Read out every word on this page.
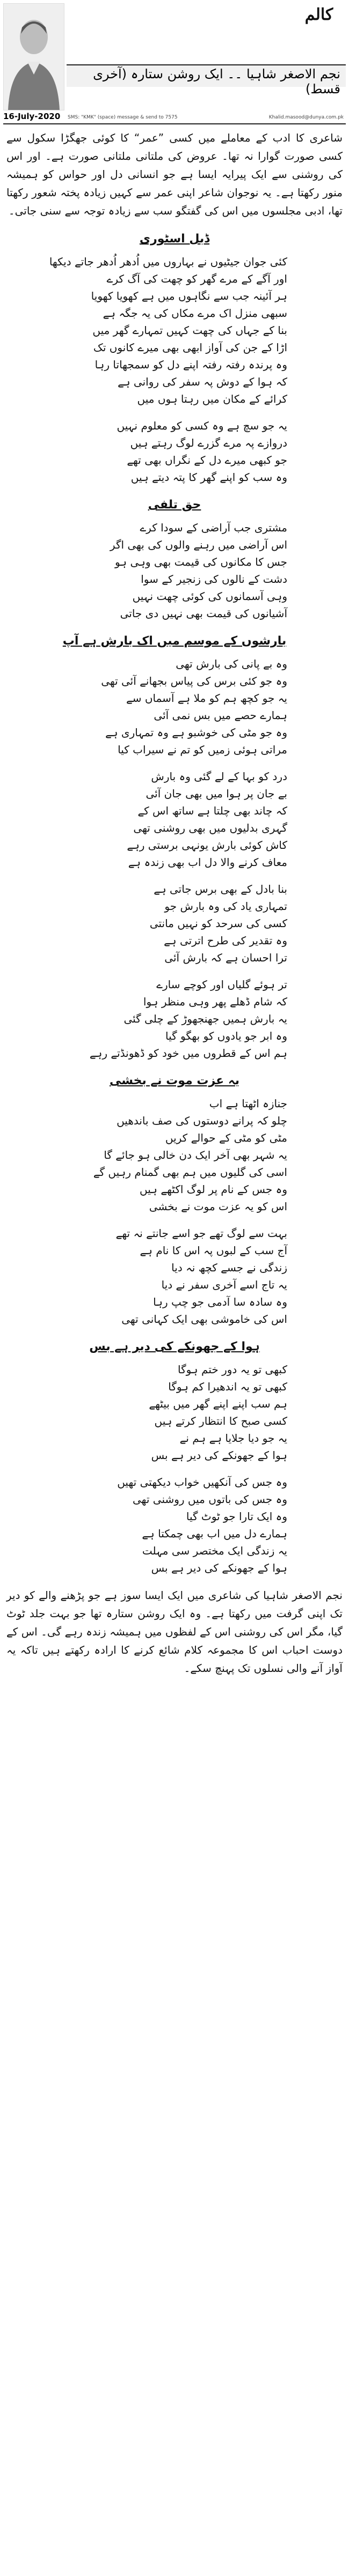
ﮐﺎﻟﻢ
نجم الاصغر شاہیا ۔۔ ایک روشن ستارہ (آخری قسط)
16-July-2020 SMS: "KMK" (space) message & send to 7575	Khalid.masood@dunya.com.pk

شاعری کا ادب کے معاملے میں کسی ”عمر“ کا کوئی جھگڑا سکول سے کسی صورت گوارا نہ تھا۔ عروض کی ملتانی ملتانی صورت ہے۔ اور اس کی روشنی سے ایک پیرایہ ایسا ہے جو انسانی دل اور حواس کو ہمیشہ منور رکھتا ہے۔ یہ نوجوان شاعر اپنی عمر سے کہیں زیادہ پختہ شعور رکھتا تھا، ادبی مجلسوں میں اس کی گفتگو سب سے زیادہ توجہ سے سنی جاتی۔

ڈبل اسٹوری
کئی جوان جیٹیوں نے بہاروں میں اُدھر اُدھر جاتے دیکھا
اور آگے کے مرے گھر کو چھت کی آگ کرے
ہر آئینہ جب سے نگاہوں میں ہے کھویا کھویا
سبھی منزل اک مرے مکاں کی یہ جگہ ہے
بنا کے جہاں کی چھت کہیں تمہارے گھر میں
اڑا کے جن کی آواز ابھی بھی میرے کانوں تک
وہ پرندہ رفتہ رفتہ اپنے دل کو سمجھاتا رہا
کہ ہوا کے دوش پہ سفر کی روانی ہے
کرائے کے مکان میں رہتا ہوں میں
یہ جو سچ ہے وہ کسی کو معلوم نہیں
دروازے پہ مرے گزرے لوگ رہتے ہیں
جو کبھی میرے دل کے نگراں بھی تھے
وہ سب کو اپنے گھر کا پتہ دیتے ہیں
حق تلفی
مشتری جب آراضی کے سودا کرے
اس آراضی میں رہنے والوں کی بھی اگر
جس کا مکانوں کی قیمت بھی وہی ہو
دشت کے نالوں کی زنجیر کے سوا
وہی آسمانوں کی کوئی چھت نہیں
آشیانوں کی قیمت بھی نہیں دی جاتی
بارشوں کے موسم میں اک بارش ہے آپ
وہ بے پانی کی بارش تھی
وہ جو کئی برس کی پیاس بجھانے آئی تھی
یہ جو کچھ ہم کو ملا ہے آسماں سے
ہمارے حصے میں بس نمی آئی
وہ جو مٹی کی خوشبو ہے وہ تمہاری ہے
مراتی ہوئی زمیں کو تم نے سیراب کیا
درد کو بہا کے لے گئی وہ بارش
بے جان پر ہوا میں بھی جان آئی
کہ چاند بھی چلتا ہے ساتھ اس کے
گہری بدلیوں میں بھی روشنی تھی
کاش کوئی بارش یونہی برستی رہے
معاف کرنے والا دل اب بھی زندہ ہے
بنا بادل کے بھی برس جاتی ہے
تمہاری یاد کی وہ بارش جو
کسی کی سرحد کو نہیں مانتی
وہ تقدیر کی طرح اترتی ہے
ترا احسان ہے کہ بارش آئی
تر ہوئے گلیاں اور کوچے سارے
کہ شام ڈھلے پھر وہی منظر ہوا
یہ بارش ہمیں جھنجھوڑ کے چلی گئی
وہ ابر جو یادوں کو بھگو گیا
ہم اس کے قطروں میں خود کو ڈھونڈتے رہے
یہ عزت موت نے بخشی
جنازہ اٹھتا ہے اب
چلو کہ پرانے دوستوں کی صف باندھیں
مٹی کو مٹی کے حوالے کریں
یہ شہر بھی آخر ایک دن خالی ہو جائے گا
اسی کی گلیوں میں ہم بھی گمنام رہیں گے
وہ جس کے نام پر لوگ اکٹھے ہیں
اس کو یہ عزت موت نے بخشی
بہت سے لوگ تھے جو اسے جانتے نہ تھے
آج سب کے لبوں پہ اس کا نام ہے
زندگی نے جسے کچھ نہ دیا
یہ تاج اسے آخری سفر نے دیا
وہ سادہ سا آدمی جو چپ رہا
اس کی خاموشی بھی ایک کہانی تھی
ہوا کے جھونکے کی دیر ہے بس
کبھی تو یہ دور ختم ہوگا
کبھی تو یہ اندھیرا کم ہوگا
ہم سب اپنے اپنے گھر میں بیٹھے
کسی صبح کا انتظار کرتے ہیں
یہ جو دیا جلایا ہے ہم نے
ہوا کے جھونکے کی دیر ہے بس
وہ جس کی آنکھیں خواب دیکھتی تھیں
وہ جس کی باتوں میں روشنی تھی
وہ ایک تارا جو ٹوٹ گیا
ہمارے دل میں اب بھی چمکتا ہے
یہ زندگی ایک مختصر سی مہلت
ہوا کے جھونکے کی دیر ہے بس

نجم الاصغر شاہیا کی شاعری میں ایک ایسا سوز ہے جو پڑھنے والے کو دیر تک اپنی گرفت میں رکھتا ہے۔ وہ ایک روشن ستارہ تھا جو بہت جلد ٹوٹ گیا، مگر اس کی روشنی اس کے لفظوں میں ہمیشہ زندہ رہے گی۔ اس کے دوست احباب اس کا مجموعہ کلام شائع کرنے کا ارادہ رکھتے ہیں تاکہ یہ آواز آنے والی نسلوں تک پہنچ سکے۔
